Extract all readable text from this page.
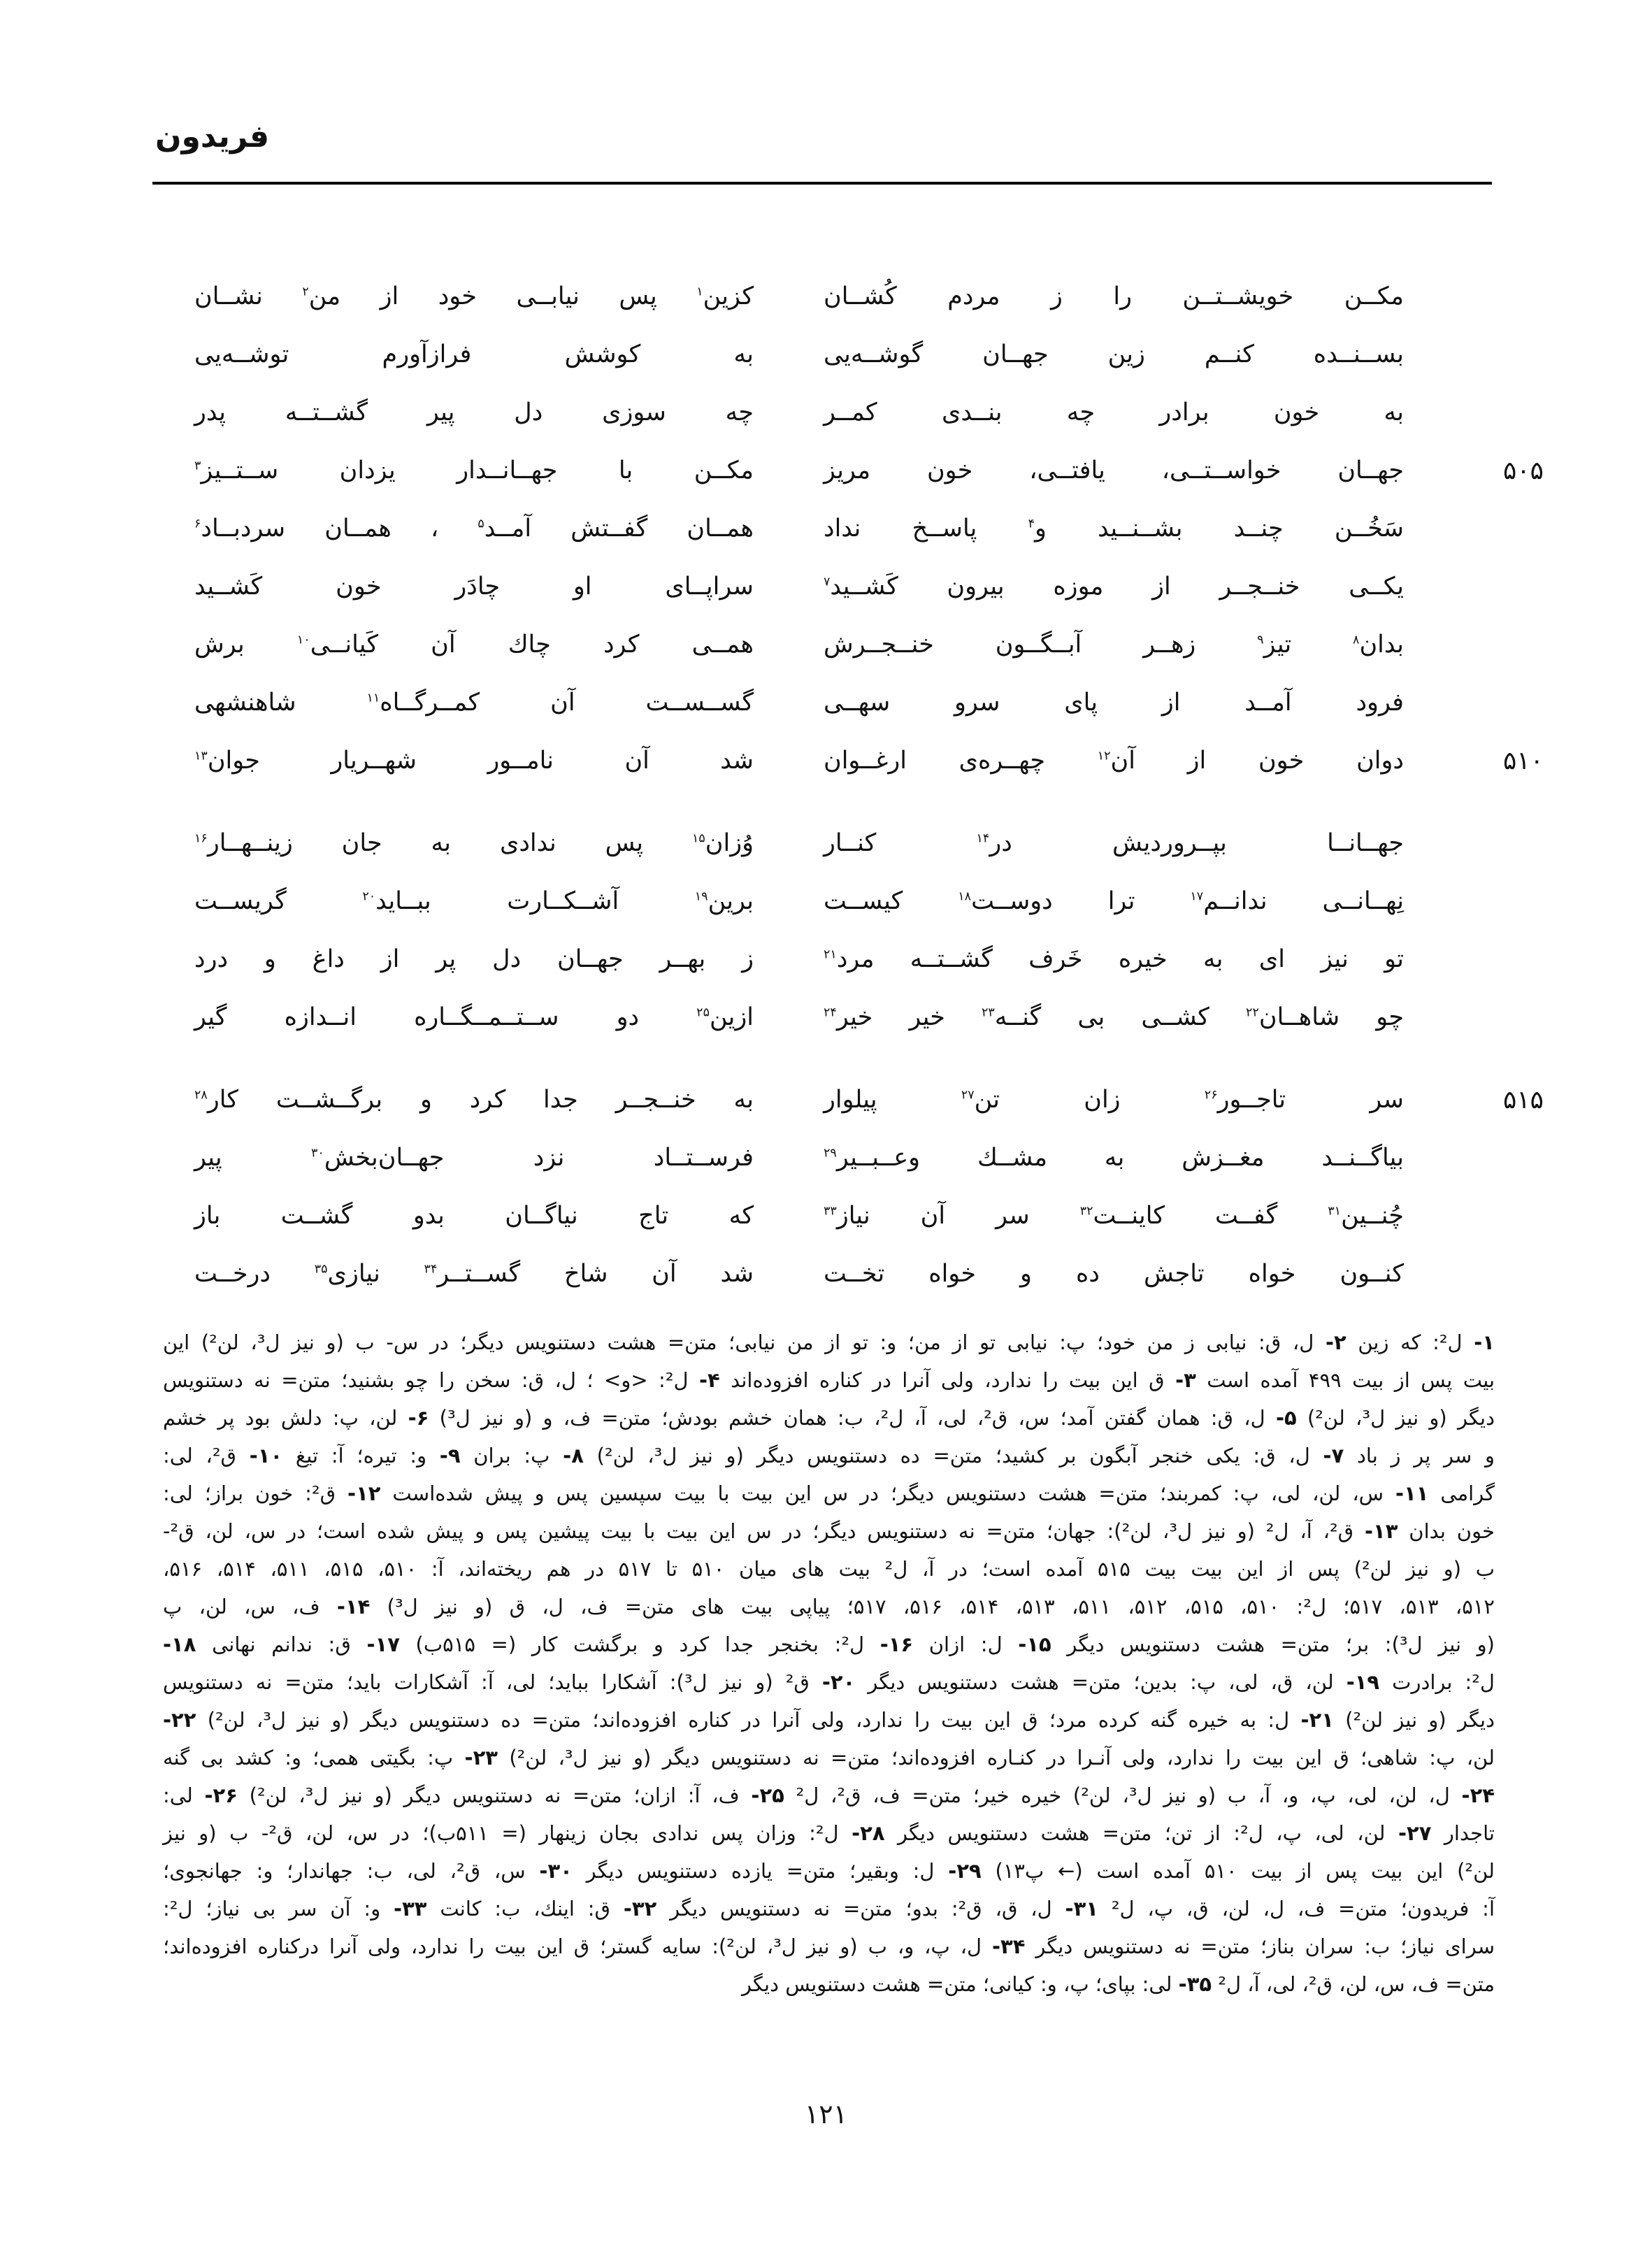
فریدون
مکــن خویشــتــن را ز مردم کُشــان
کزین$^۱$ پس نیابــی خود از من$^۲$ نشــان
بســنــده کنــم زین جهــان گوشــه‌یی
به کوشش فرازآورم توشــه‌یی
به خون برادر چه بنــدی کمــر
چه سوزی دل پیر گشــتــه پدر
۵۰۵
جهــان خواســتــی، یافتــی، خون مریز
مکــن با جهــانــدار یزدان ســتــیز$^۳$
سَخُــن چنــد بشــنــید و$^۴$ پاســخ نداد
همــان گفــتش آمــد$^۵$ ، همــان سردبــاد$^۶$
یکــی خنــجــر از موزه بیرون کَشــید$^۷$
سراپــای او چادَر خون کَشــید
بدان$^۸$ تیز$^۹$ زهــر آبــگــون خنــجــرش
همــی کرد چاك آن کَیانــی$^{۱۰}$ برش
فرود آمــد از پای سرو سهــی
گســســت آن کمــرگــاه$^{۱۱}$ شاهنشهی
۵۱۰
دوان خون از آن$^{۱۲}$ چهــره‌ی ارغــوان
شد آن نامــور شهــریار جوان$^{۱۳}$
جهــانــا بپــروردیش در$^{۱۴}$ کنــار
وُزان$^{۱۵}$ پس ندادی به جان زینــهــار$^{۱۶}$
نِهــانــی ندانــم$^{۱۷}$ ترا دوســت$^{۱۸}$ کیســت
برین$^{۱۹}$ آشــکــارت ببــاید$^{۲۰}$ گریســت
تو نیز ای به خیره خَرف گشــتــه مرد$^{۲۱}$
ز بهــر جهــان دل پر از داغ و درد
چو شاهــان$^{۲۲}$ کشــی بی گنــه$^{۲۳}$ خیر خیر$^{۲۴}$
ازین$^{۲۵}$ دو ســتــمــگــاره انــدازه گیر
۵۱۵
سر تاجــور$^{۲۶}$ زان تن$^{۲۷}$ پیلوار
به خنــجــر جدا کرد و برگــشــت کار$^{۲۸}$
بیاگــنــد مغــزش به مشــك وعــبــیر$^{۲۹}$
فرســتــاد نزد جهــان‌بخش$^{۳۰}$ پیر
چُنــین$^{۳۱}$ گفــت کاینــت$^{۳۲}$ سر آن نیاز$^{۳۳}$
که تاج نیاگــان بدو گشــت باز
کنــون خواه تاجش ده و خواه تخــت
شد آن شاخ گســتــر$^{۳۴}$ نیازی$^{۳۵}$ درخــت
۱- ل²: که زین ۲- ل، ق: نیابی ز من خود؛ پ: نیابی تو از من؛ و: تو از من نیابی؛ متن= هشت دستنویس دیگر؛ در س- ب (و نیز ل³، لن²) این
بیت پس از بیت ۴۹۹ آمده است ۳- ق این بیت را ندارد، ولی آنرا در کناره افزوده‌اند ۴- ل²: <و> ؛ ل، ق: سخن را چو بشنید؛ متن= نه دستنویس
دیگر (و نیز ل³، لن²) ۵- ل، ق: همان گفتن آمد؛ س، ق²، لی، آ، ل²، ب: همان خشم بودش؛ متن= ف، و (و نیز ل³) ۶- لن، پ: دلش بود پر خشم
و سر پر ز باد ۷- ل، ق: یکی خنجر آبگون بر کشید؛ متن= ده دستنویس دیگر (و نیز ل³، لن²) ۸- پ: بران ۹- و: تیره؛ آ: تیغ ۱۰- ق²، لی:
گرامی ۱۱- س، لن، لی، پ: کمربند؛ متن= هشت دستنویس دیگر؛ در س این بیت با بیت سپسین پس و پیش شده‌است ۱۲- ق²: خون براز؛ لی:
خون بدان ۱۳- ق²، آ، ل² (و نیز ل³، لن²): جهان؛ متن= نه دستنویس دیگر؛ در س این بیت با بیت پیشین پس و پیش شده است؛ در س، لن، ق²-
ب (و نیز لن²) پس از این بیت بیت ۵۱۵ آمده است؛ در آ، ل² بیت های میان ۵۱۰ تا ۵۱۷ در هم ریخته‌اند، آ: ۵۱۰، ۵۱۵، ۵۱۱، ۵۱۴، ۵۱۶،
۵۱۲، ۵۱۳، ۵۱۷؛ ل²: ۵۱۰، ۵۱۵، ۵۱۲، ۵۱۱، ۵۱۳، ۵۱۴، ۵۱۶، ۵۱۷؛ پیاپی بیت های متن= ف، ل، ق (و نیز ل³) ۱۴- ف، س، لن، پ
(و نیز ل³): بر؛ متن= هشت دستنویس دیگر ۱۵- ل: ازان ۱۶- ل²: بخنجر جدا کرد و برگشت کار (= ۵۱۵ب) ۱۷- ق: ندانم نهانی ۱۸-
ل²: برادرت ۱۹- لن، ق، لی، پ: بدین؛ متن= هشت دستنویس دیگر ۲۰- ق² (و نیز ل³): آشکارا بباید؛ لی، آ: آشکارات باید؛ متن= نه دستنویس
دیگر (و نیز لن²) ۲۱- ل: به خیره گنه کرده مرد؛ ق این بیت را ندارد، ولی آنرا در کناره افزوده‌اند؛ متن= ده دستنویس دیگر (و نیز ل³، لن²) ۲۲-
لن، پ: شاهی؛ ق این بیت را ندارد، ولی آنـرا در کنـاره افزوده‌اند؛ متن= نه دستنویس دیگر (و نیز ل³، لن²) ۲۳- پ: بگیتی همی؛ و: کشد بی گنه
۲۴- ل، لن، لی، پ، و، آ، ب (و نیز ل³، لن²) خیره خیر؛ متن= ف، ق²، ل² ۲۵- ف، آ: ازان؛ متن= نه دستنویس دیگر (و نیز ل³، لن²) ۲۶- لی:
تاجدار ۲۷- لن، لی، پ، ل²: از تن؛ متن= هشت دستنویس دیگر ۲۸- ل²: وزان پس ندادی بجان زینهار (= ۵۱۱ب)؛ در س، لن، ق²- ب (و نیز
لن²) این بیت پس از بیت ۵۱۰ آمده است (← پ۱۳) ۲۹- ل: وبقیر؛ متن= یازده دستنویس دیگر ۳۰- س، ق²، لی، ب: جهاندار؛ و: جهانجوی؛
آ: فریدون؛ متن= ف، ل، لن، ق، پ، ل² ۳۱- ل، ق، ق²: بدو؛ متن= نه دستنویس دیگر ۳۲- ق: اینك، ب: کانت ۳۳- و: آن سر بی نیاز؛ ل²:
سرای نیاز؛ ب: سران بناز؛ متن= نه دستنویس دیگر ۳۴- ل، پ، و، ب (و نیز ل³، لن²): سایه گستر؛ ق این بیت را ندارد، ولی آنرا درکناره افزوده‌اند؛
متن= ف، س، لن، ق²، لی، آ، ل² ۳۵- لی: بپای؛ پ، و: کیانی؛ متن= هشت دستنویس دیگر
۱۲۱
